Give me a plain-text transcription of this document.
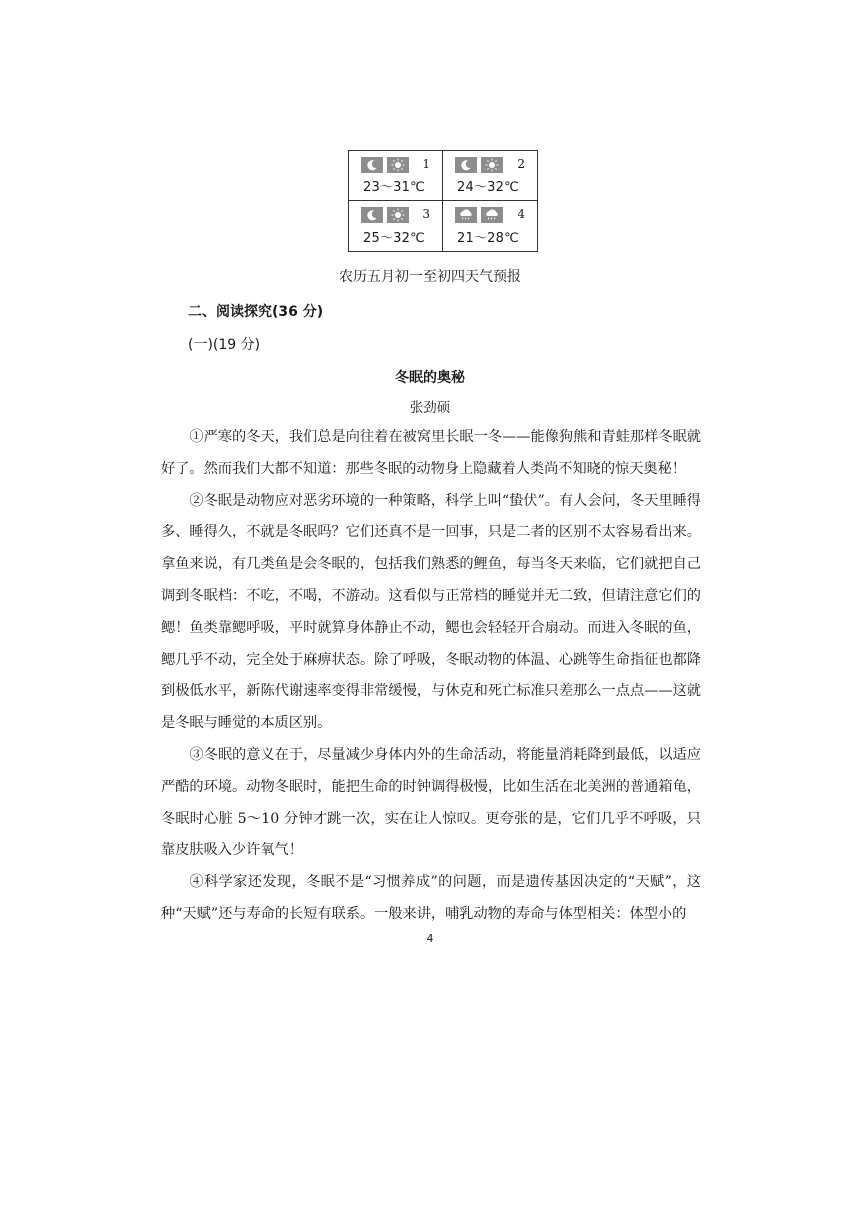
1
23～31℃
2
24～32℃
3
25～32℃
4
21～28℃
农历五月初一至初四天气预报
二、阅读探究(36 分)
(一)(19 分)
冬眠的奥秘
张劲硕

①严寒的冬天，我们总是向往着在被窝里长眠一冬——能像狗熊和青蛙那样冬眠就好了。然而我们大都不知道：那些冬眠的动物身上隐藏着人类尚不知晓的惊天奥秘！

②冬眠是动物应对恶劣环境的一种策略，科学上叫“蛰伏”。有人会问，冬天里睡得多、睡得久，不就是冬眠吗？它们还真不是一回事，只是二者的区别不太容易看出来。拿鱼来说，有几类鱼是会冬眠的，包括我们熟悉的鲤鱼，每当冬天来临，它们就把自己调到冬眠档：不吃，不喝，不游动。这看似与正常档的睡觉并无二致，但请注意它们的鳃！鱼类靠鳃呼吸，平时就算身体静止不动，鳃也会轻轻开合扇动。而进入冬眠的鱼，鳃几乎不动，完全处于麻痹状态。除了呼吸，冬眠动物的体温、心跳等生命指征也都降到极低水平，新陈代谢速率变得非常缓慢，与休克和死亡标准只差那么一点点——这就是冬眠与睡觉的本质区别。

③冬眠的意义在于，尽量减少身体内外的生命活动，将能量消耗降到最低，以适应严酷的环境。动物冬眠时，能把生命的时钟调得极慢，比如生活在北美洲的普通箱龟，冬眠时心脏 5～10 分钟才跳一次，实在让人惊叹。更夸张的是，它们几乎不呼吸，只靠皮肤吸入少许氧气！

④科学家还发现，冬眠不是“习惯养成”的问题，而是遗传基因决定的“天赋”，这种“天赋”还与寿命的长短有联系。一般来讲，哺乳动物的寿命与体型相关：体型小的

4
